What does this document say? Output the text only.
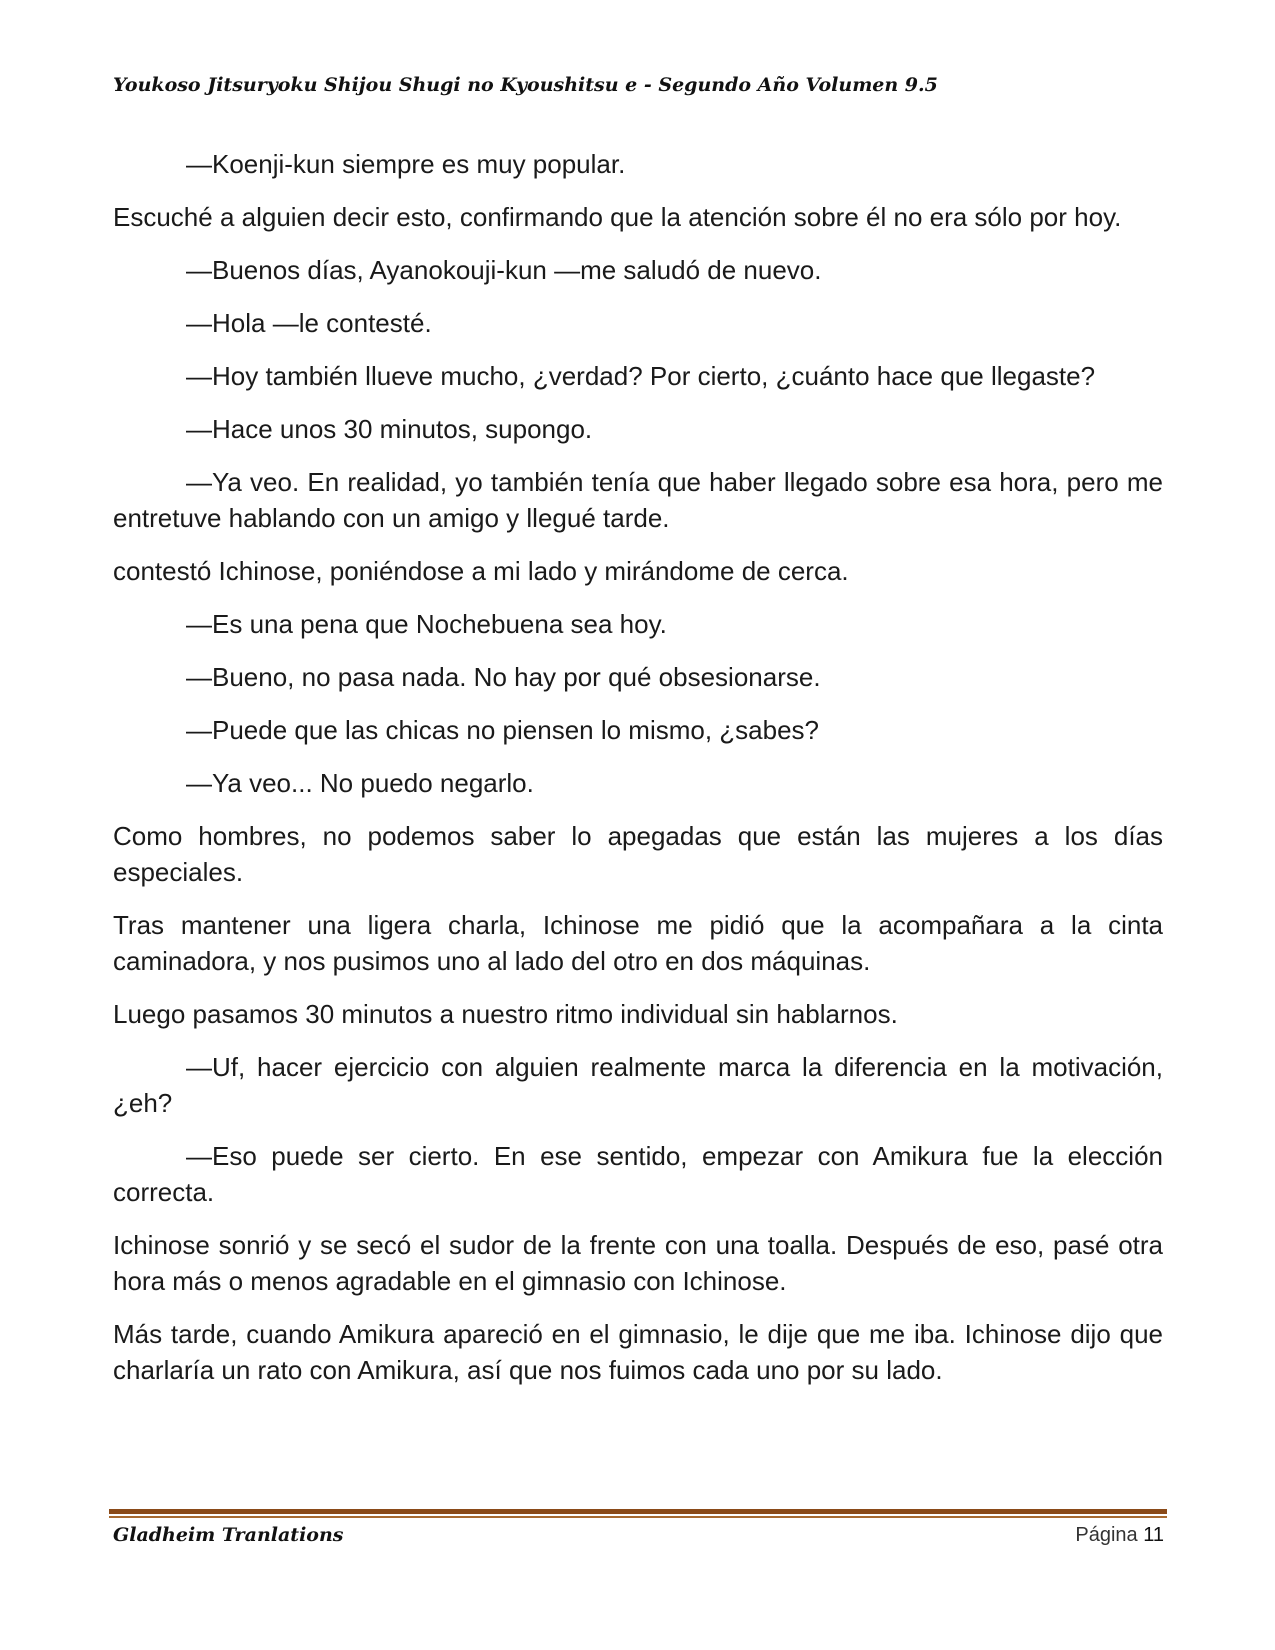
Youkoso Jitsuryoku Shijou Shugi no Kyoushitsu e - Segundo Año Volumen 9.5

—Koenji-kun siempre es muy popular.

Escuché a alguien decir esto, confirmando que la atención sobre él no era sólo por hoy.

—Buenos días, Ayanokouji-kun —me saludó de nuevo.

—Hola —le contesté.

—Hoy también llueve mucho, ¿verdad? Por cierto, ¿cuánto hace que llegaste?

—Hace unos 30 minutos, supongo.

—Ya veo. En realidad, yo también tenía que haber llegado sobre esa hora, pero me entretuve hablando con un amigo y llegué tarde.

contestó Ichinose, poniéndose a mi lado y mirándome de cerca.

—Es una pena que Nochebuena sea hoy.

—Bueno, no pasa nada. No hay por qué obsesionarse.

—Puede que las chicas no piensen lo mismo, ¿sabes?

—Ya veo... No puedo negarlo.

Como hombres, no podemos saber lo apegadas que están las mujeres a los días especiales.

Tras mantener una ligera charla, Ichinose me pidió que la acompañara a la cinta caminadora, y nos pusimos uno al lado del otro en dos máquinas.

Luego pasamos 30 minutos a nuestro ritmo individual sin hablarnos.

—Uf, hacer ejercicio con alguien realmente marca la diferencia en la motivación, ¿eh?

—Eso puede ser cierto. En ese sentido, empezar con Amikura fue la elección correcta.

Ichinose sonrió y se secó el sudor de la frente con una toalla. Después de eso, pasé otra hora más o menos agradable en el gimnasio con Ichinose.

Más tarde, cuando Amikura apareció en el gimnasio, le dije que me iba. Ichinose dijo que charlaría un rato con Amikura, así que nos fuimos cada uno por su lado.

Gladheim Tranlations	Página 11
